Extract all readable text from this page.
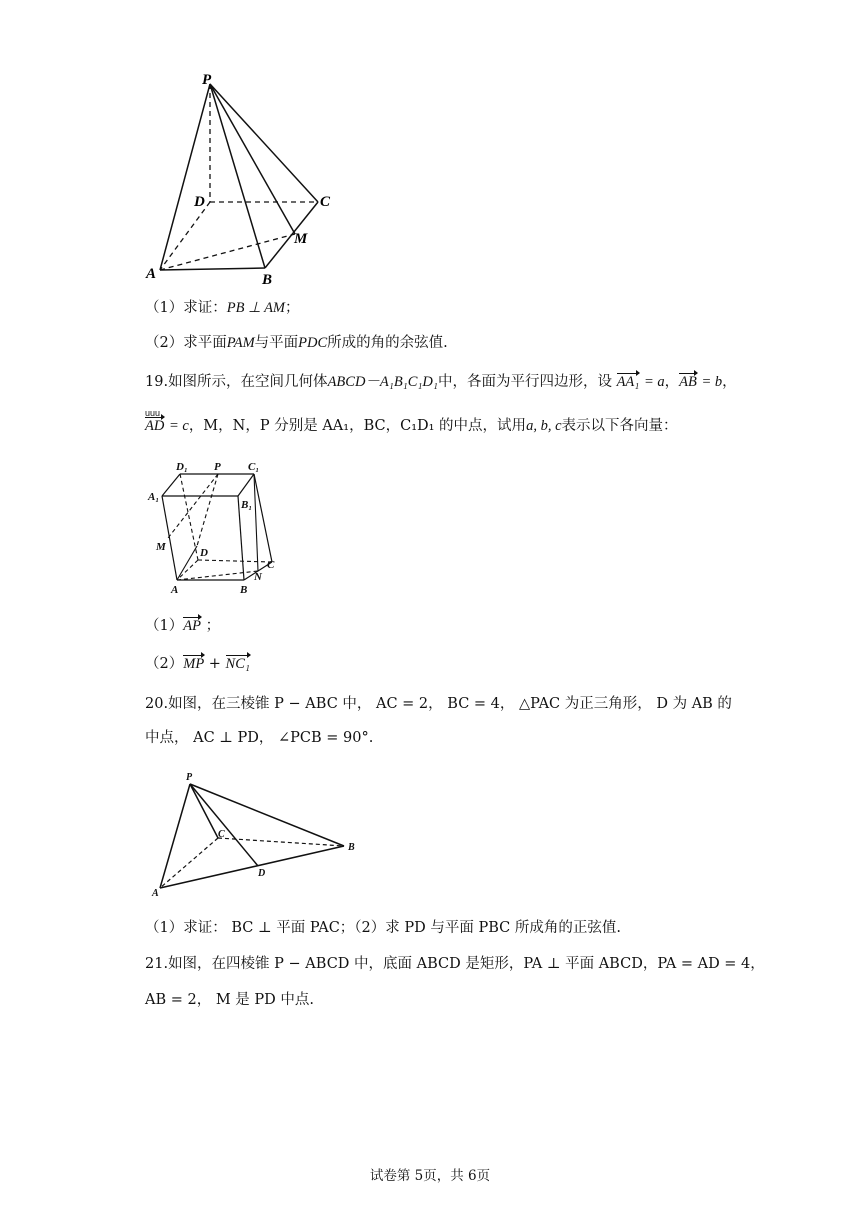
P
D	C
M
A	B
（1）求证：PB ⊥ AM；
（2）求平面PAM与平面PDC所成的角的余弦值.
19.如图所示，在空间几何体ABCD－A₁B₁C₁D₁中，各面为平行四边形，设 AA₁ = a，AB = b，
uuu
AD = c，M，N，P 分别是 AA₁，BC，C₁D₁ 的中点，试用a, b, c表示以下各向量：
D₁ P C₁
A₁
B₁
M	D
C
N
A	B
（1）AP ；
（2）MP + NC₁
20.如图，在三棱锥 P − ABC 中， AC = 2， BC = 4， △PAC 为正三角形， D 为 AB 的
中点， AC ⊥ PD， ∠PCB = 90°.
P
C
B
A
D
（1）求证： BC ⊥ 平面 PAC；（2）求 PD 与平面 PBC 所成角的正弦值.
21.如图，在四棱锥 P − ABCD 中，底面 ABCD 是矩形，PA ⊥ 平面 ABCD，PA = AD = 4，
AB = 2， M 是 PD 中点.
试卷第 5页，共 6页
